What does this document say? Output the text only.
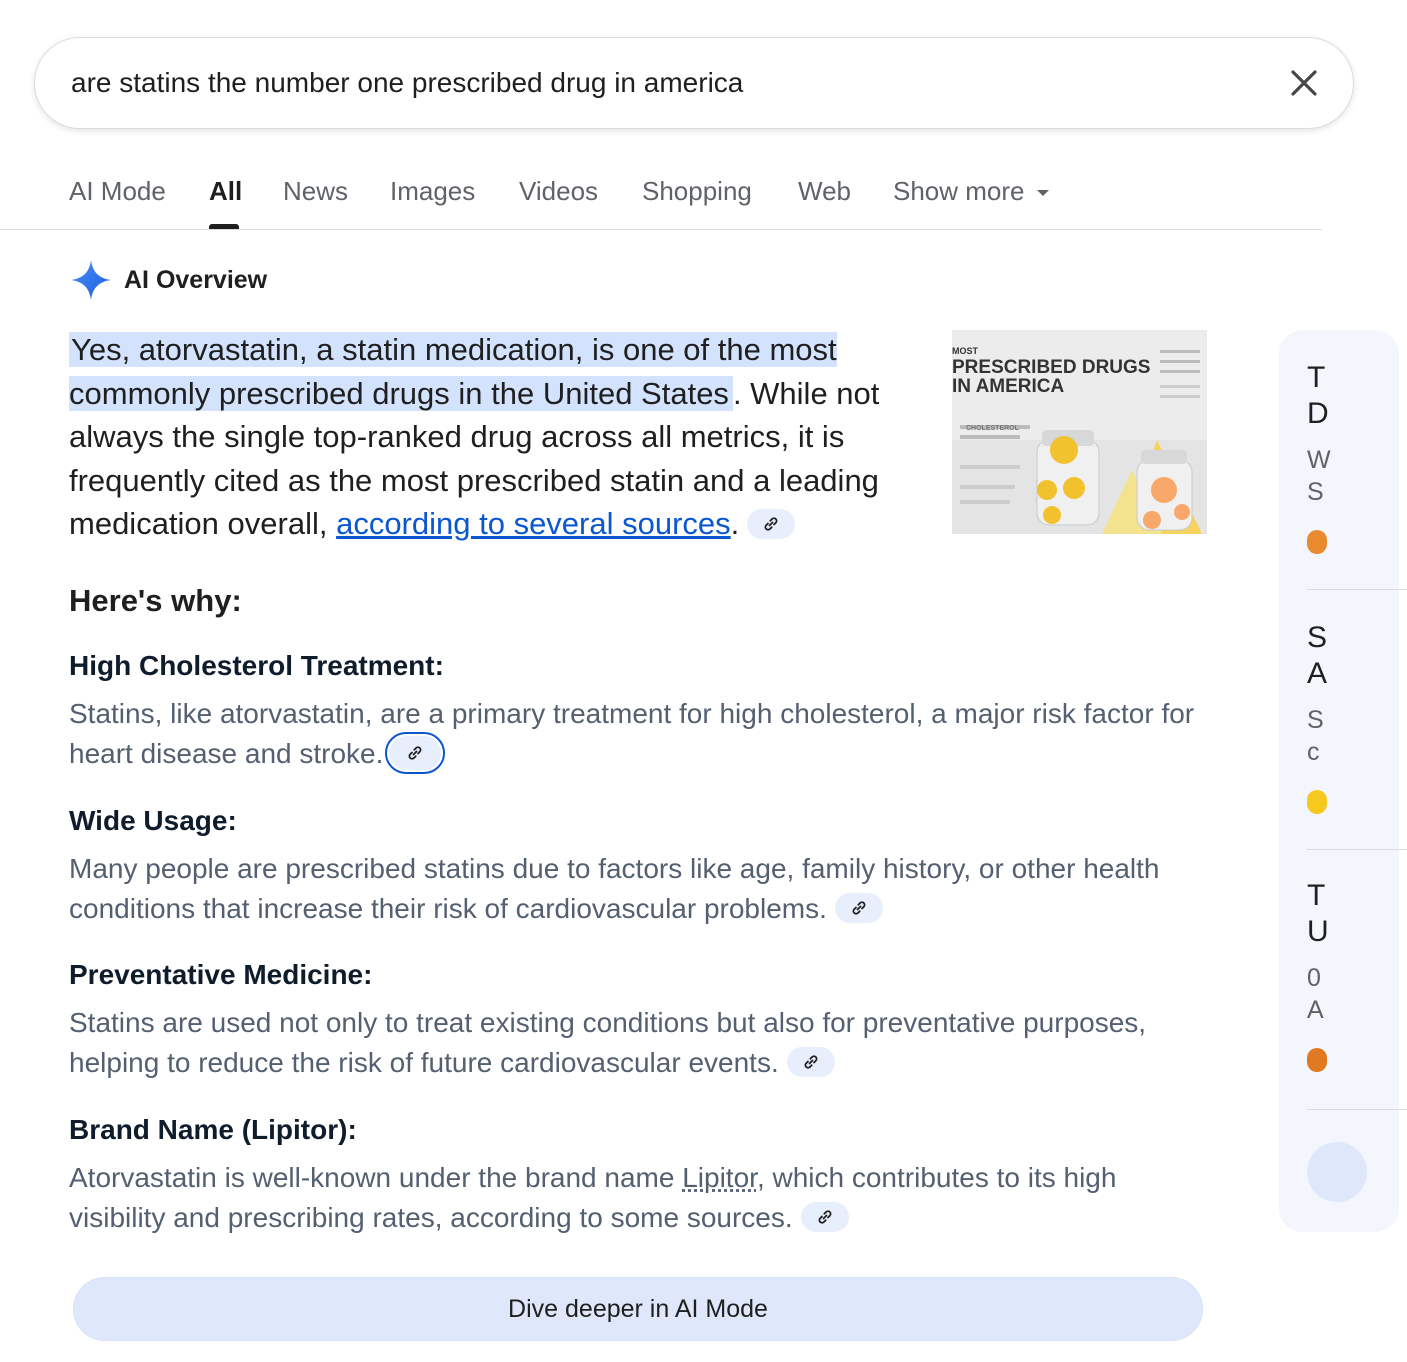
are statins the number one prescribed drug in america
AI Mode All News Images Videos Shopping Web Show more
AI Overview
Yes, atorvastatin, a statin medication, is one of the most commonly prescribed drugs in the United States . While not always the single top-ranked drug across all metrics, it is frequently cited as the most prescribed statin and a leading medication overall, according to several sources.
MOST
PRESCRIBED DRUGS
IN AMERICA
CHOLESTEROL
Here's why:
High Cholesterol Treatment:
Statins, like atorvastatin, are a primary treatment for high cholesterol, a major risk factor for heart disease and stroke.
Wide Usage:
Many people are prescribed statins due to factors like age, family history, or other health conditions that increase their risk of cardiovascular problems.
Preventative Medicine:
Statins are used not only to treat existing conditions but also for preventative purposes, helping to reduce the risk of future cardiovascular events.
Brand Name (Lipitor):
Atorvastatin is well-known under the brand name Lipitor, which contributes to its high visibility and prescribing rates, according to some sources.
Dive deeper in AI Mode
T
D
W
S
S
A
S
c
T
U
0
A
